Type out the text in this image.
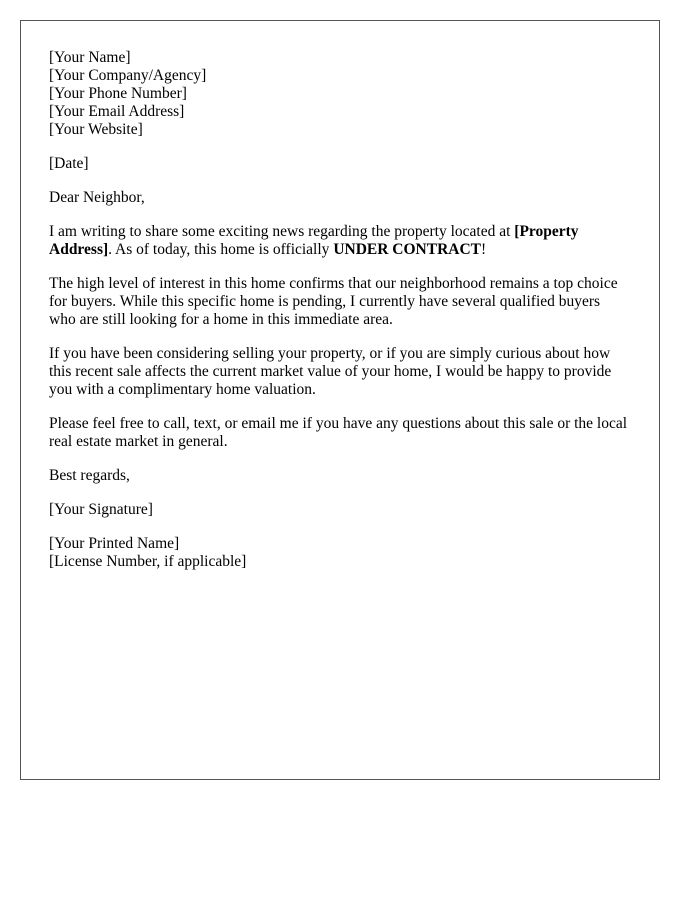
[Your Name]
[Your Company/Agency]
[Your Phone Number]
[Your Email Address]
[Your Website]

[Date]

Dear Neighbor,

I am writing to share some exciting news regarding the property located at [Property Address]. As of today, this home is officially UNDER CONTRACT!

The high level of interest in this home confirms that our neighborhood remains a top choice for buyers. While this specific home is pending, I currently have several qualified buyers who are still looking for a home in this immediate area.

If you have been considering selling your property, or if you are simply curious about how this recent sale affects the current market value of your home, I would be happy to provide you with a complimentary home valuation.

Please feel free to call, text, or email me if you have any questions about this sale or the local real estate market in general.

Best regards,

[Your Signature]

[Your Printed Name]
[License Number, if applicable]
